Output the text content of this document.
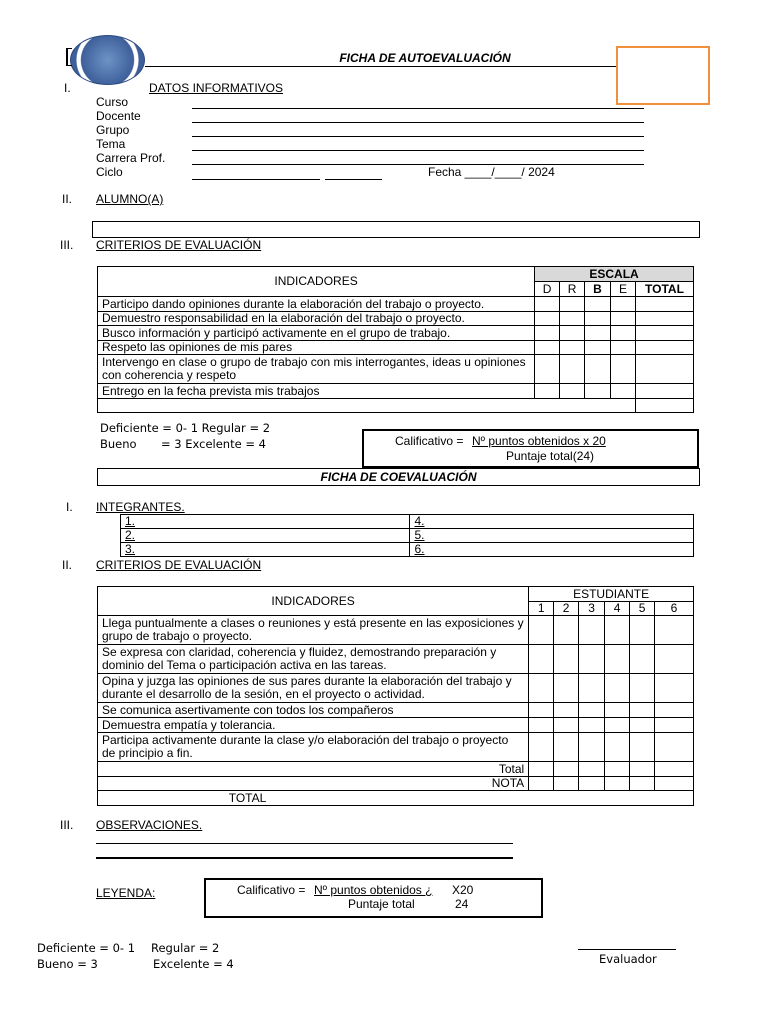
FICHA DE AUTOEVALUACIÓN
I.	DATOS INFORMATIVOS
Curso
Docente
Grupo
Tema
Carrera Prof.
Ciclo	Fecha ____/____/ 2024
II. ALUMNO(A)
III. CRITERIOS DE EVALUACIÓN
INDICADORES	ESCALA				
	D	R	B	E	TOTAL
Participo dando opiniones durante la elaboración del trabajo o proyecto.					
Demuestro responsabilidad en la elaboración del trabajo o proyecto.					
Busco información y participó activamente en el grupo de trabajo.					
Respeto las opiniones de mis pares					
Intervengo en clase o grupo de trabajo con mis interrogantes, ideas u opiniones con coherencia y respeto					
Entrego en la fecha prevista mis trabajos					

Deficiente = 0- 1 Regular = 2
Bueno = 3 Excelente = 4	Calificativo = Nº puntos obtenidos x 20
Puntaje total(24)
FICHA DE COEVALUACIÓN
I. INTEGRANTES.
1.	4.
2.	5.
3.	6.
II. CRITERIOS DE EVALUACIÓN
INDICADORES	ESTUDIANTE					
	1	2	3	4	5	6
Llega puntualmente a clases o reuniones y está presente en las exposiciones y grupo de trabajo o proyecto.						
Se expresa con claridad, coherencia y fluidez, demostrando preparación y dominio del Tema o participación activa en las tareas.						
Opina y juzga las opiniones de sus pares durante la elaboración del trabajo y durante el desarrollo de la sesión, en el proyecto o actividad.						
Se comunica asertivamente con todos los compañeros						
Demuestra empatía y tolerancia.						
Participa activamente durante la clase y/o elaboración del trabajo o proyecto de principio a fin.						
Total						
NOTA						
TOTAL						
III. OBSERVACIONES.
LEYENDA:	Calificativo = Nº puntos obtenidos ¿ X20
Puntaje total	24
Deficiente = 0- 1 Regular = 2
Bueno = 3	Excelente = 4	Evaluador
